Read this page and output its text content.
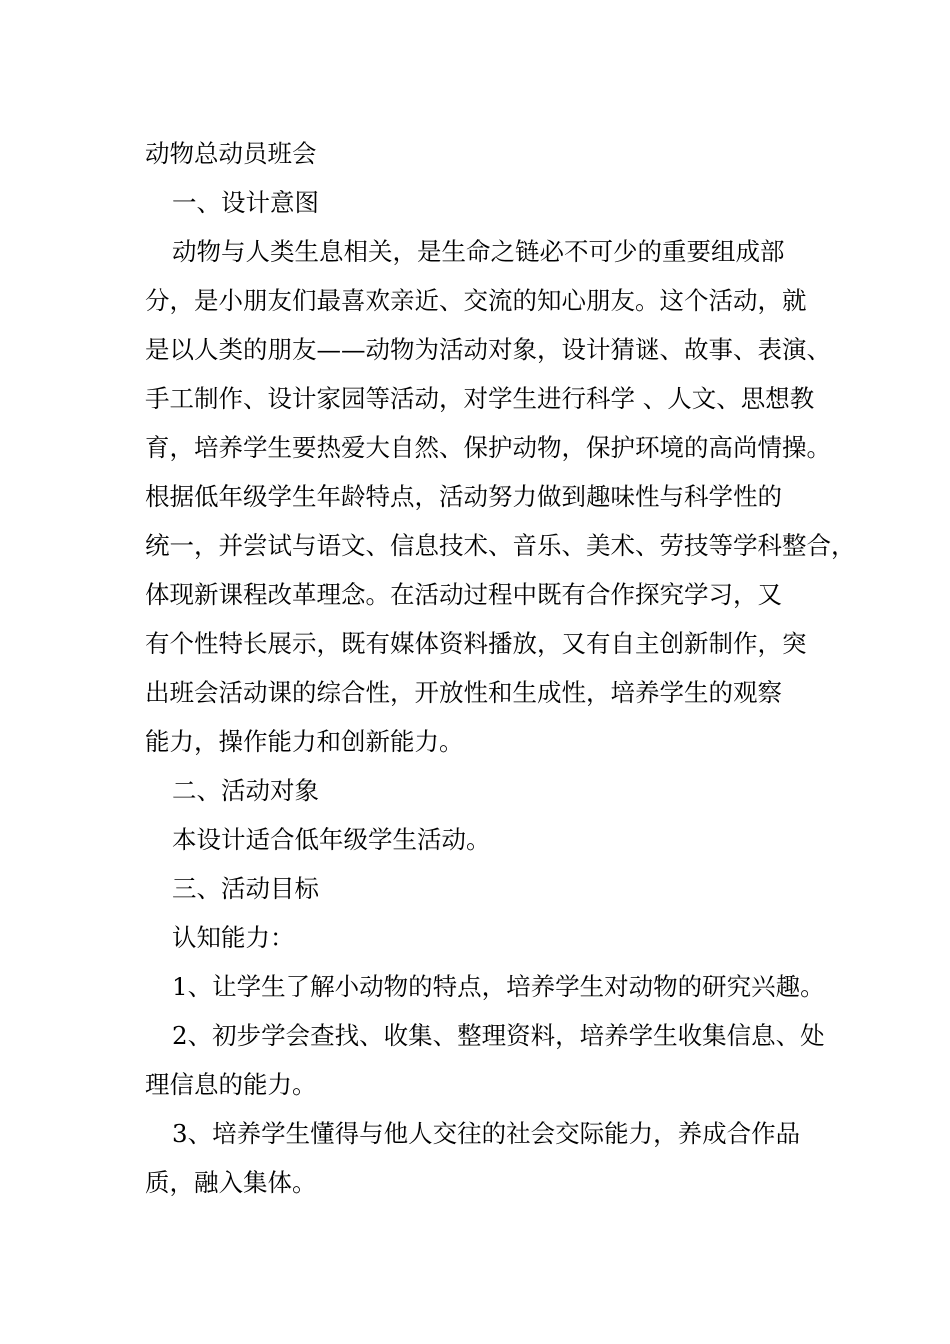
动物总动员班会
一、设计意图
动物与人类生息相关，是生命之链必不可少的重要组成部
分，是小朋友们最喜欢亲近、交流的知心朋友。这个活动，就
是以人类的朋友——动物为活动对象，设计猜谜、故事、表演、
手工制作、设计家园等活动，对学生进行科学 、人文、思想教
育，培养学生要热爱大自然、保护动物，保护环境的高尚情操。
根据低年级学生年龄特点，活动努力做到趣味性与科学性的
统一，并尝试与语文、信息技术、音乐、美术、劳技等学科整合，
体现新课程改革理念。在活动过程中既有合作探究学习，又
有个性特长展示，既有媒体资料播放，又有自主创新制作，突
出班会活动课的综合性，开放性和生成性，培养学生的观察
能力，操作能力和创新能力。
二、活动对象
本设计适合低年级学生活动。
三、活动目标
认知能力：
1、让学生了解小动物的特点，培养学生对动物的研究兴趣。
2、初步学会查找、收集、整理资料，培养学生收集信息、处
理信息的能力。
3、培养学生懂得与他人交往的社会交际能力，养成合作品
质，融入集体。
